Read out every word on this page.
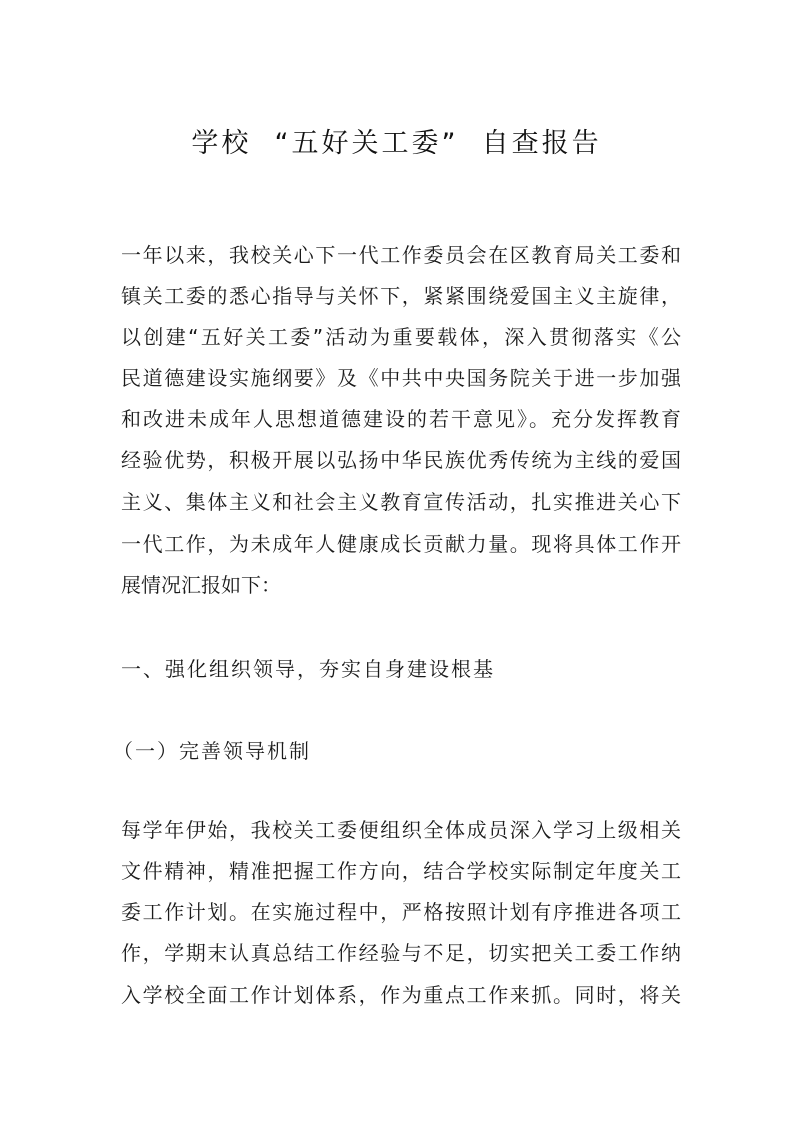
学校  “五好关工委”  自查报告
一年以来，我校关心下一代工作委员会在区教育局关工委和
镇关工委的悉心指导与关怀下，紧紧围绕爱国主义主旋律，
以创建“五好关工委”活动为重要载体，深入贯彻落实《公
民道德建设实施纲要》及《中共中央国务院关于进一步加强
和改进未成年人思想道德建设的若干意见》。充分发挥教育
经验优势，积极开展以弘扬中华民族优秀传统为主线的爱国
主义、集体主义和社会主义教育宣传活动，扎实推进关心下
一代工作，为未成年人健康成长贡献力量。现将具体工作开
展情况汇报如下：
一、强化组织领导，夯实自身建设根基
（一）完善领导机制
每学年伊始，我校关工委便组织全体成员深入学习上级相关
文件精神，精准把握工作方向，结合学校实际制定年度关工
委工作计划。在实施过程中，严格按照计划有序推进各项工
作，学期末认真总结工作经验与不足，切实把关工委工作纳
入学校全面工作计划体系，作为重点工作来抓。同时，将关
